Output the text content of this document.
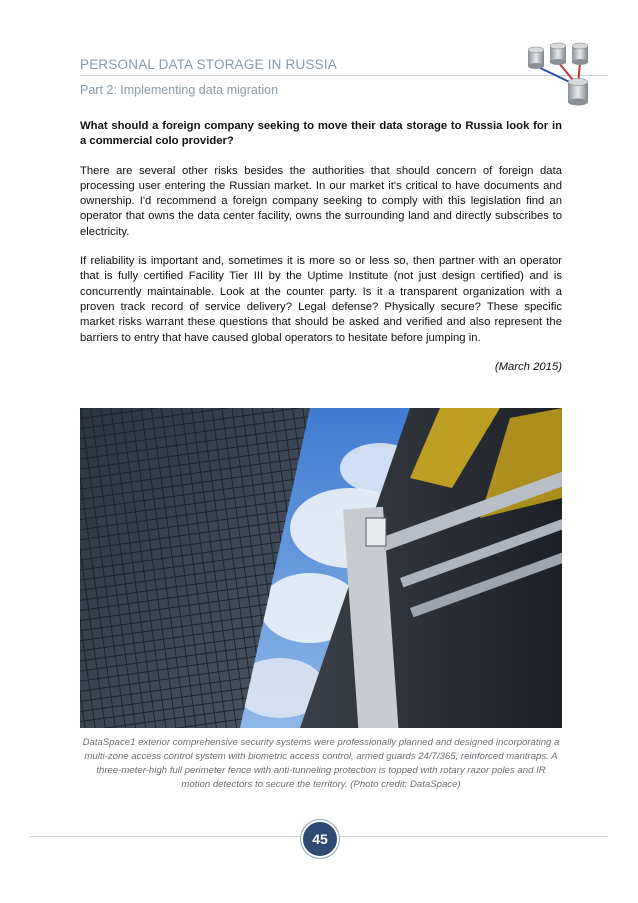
PERSONAL DATA STORAGE IN RUSSIA
Part 2: Implementing data migration

What should a foreign company seeking to move their data storage to Russia look for in a commercial colo provider?

There are several other risks besides the authorities that should concern of foreign data processing user entering the Russian market. In our market it's critical to have documents and ownership. I'd recommend a foreign company seeking to comply with this legislation find an operator that owns the data center facility, owns the surrounding land and directly subscribes to electricity.

If reliability is important and, sometimes it is more so or less so, then partner with an operator that is fully certified Facility Tier III by the Uptime Institute (not just design certified) and is concurrently maintainable. Look at the counter party. Is it a transparent organization with a proven track record of service delivery? Legal defense? Physically secure? These specific market risks warrant these questions that should be asked and verified and also represent the barriers to entry that have caused global operators to hesitate before jumping in.

(March 2015)

DataSpace1 exterior comprehensive security systems were professionally planned and designed incorporating a multi-zone access control system with biometric access control, armed guards 24/7/365, reinforced mantraps. A three-meter-high full perimeter fence with anti-tunneling protection is topped with rotary razor poles and IR motion detectors to secure the territory. (Photo credit: DataSpace)
45
